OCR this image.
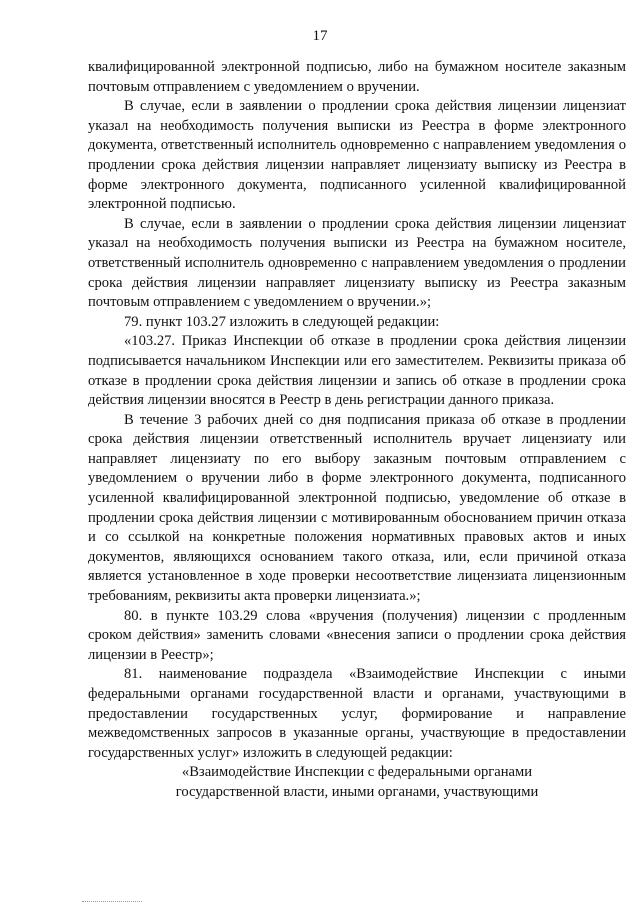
17

квалифицированной электронной подписью, либо на бумажном носителе заказным почтовым отправлением с уведомлением о вручении.

В случае, если в заявлении о продлении срока действия лицензии лицензиат указал на необходимость получения выписки из Реестра в форме электронного документа, ответственный исполнитель одновременно с направлением уведомления о продлении срока действия лицензии направляет лицензиату выписку из Реестра в форме электронного документа, подписанного усиленной квалифицированной электронной подписью.

В случае, если в заявлении о продлении срока действия лицензии лицензиат указал на необходимость получения выписки из Реестра на бумажном носителе, ответственный исполнитель одновременно с направлением уведомления о продлении срока действия лицензии направляет лицензиату выписку из Реестра заказным почтовым отправлением с уведомлением о вручении.»;

79. пункт 103.27 изложить в следующей редакции:

«103.27. Приказ Инспекции об отказе в продлении срока действия лицензии подписывается начальником Инспекции или его заместителем. Реквизиты приказа об отказе в продлении срока действия лицензии и запись об отказе в продлении срока действия лицензии вносятся в Реестр в день регистрации данного приказа.

В течение 3 рабочих дней со дня подписания приказа об отказе в продлении срока действия лицензии ответственный исполнитель вручает лицензиату или направляет лицензиату по его выбору заказным почтовым отправлением с уведомлением о вручении либо в форме электронного документа, подписанного усиленной квалифицированной электронной подписью, уведомление об отказе в продлении срока действия лицензии с мотивированным обоснованием причин отказа и со ссылкой на конкретные положения нормативных правовых актов и иных документов, являющихся основанием такого отказа, или, если причиной отказа является установленное в ходе проверки несоответствие лицензиата лицензионным требованиям, реквизиты акта проверки лицензиата.»;

80. в пункте 103.29 слова «вручения (получения) лицензии с продленным сроком действия» заменить словами «внесения записи о продлении срока действия лицензии в Реестр»;

81. наименование подраздела «Взаимодействие Инспекции с иными федеральными органами государственной власти и органами, участвующими в предоставлении государственных услуг, формирование и направление межведомственных запросов в указанные органы, участвующие в предоставлении государственных услуг» изложить в следующей редакции:

«Взаимодействие Инспекции с федеральными органами

государственной власти, иными органами, участвующими
